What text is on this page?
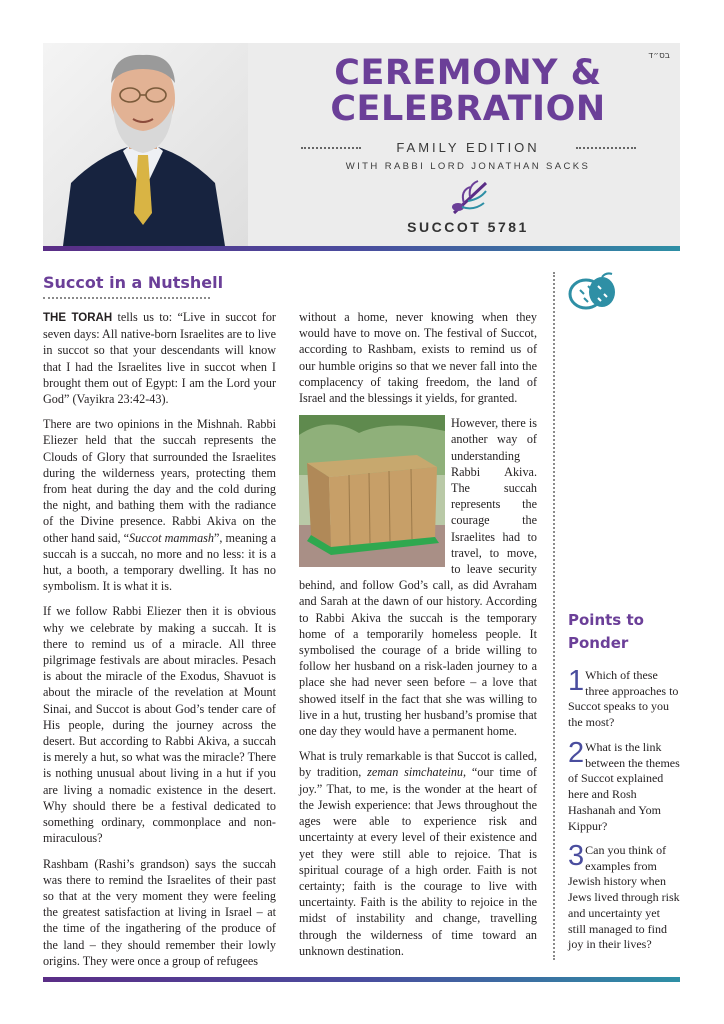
בס״ד
CEREMONY &
CELEBRATION
FAMILY EDITION
WITH RABBI LORD JONATHAN SACKS
SUCCOT 5781
Succot in a Nutshell

THE TORAH tells us to: “Live in succot for seven days: All native-born Israelites are to live in succot so that your descendants will know that I had the Israelites live in succot when I brought them out of Egypt: I am the Lord your God” (Vayikra 23:42-43).

There are two opinions in the Mishnah. Rabbi Eliezer held that the succah represents the Clouds of Glory that surrounded the Israelites during the wilderness years, protecting them from heat during the day and the cold during the night, and bathing them with the radiance of the Divine presence. Rabbi Akiva on the other hand said, “Succot mammash”, meaning a succah is a succah, no more and no less: it is a hut, a booth, a temporary dwelling. It has no symbolism. It is what it is.

If we follow Rabbi Eliezer then it is obvious why we celebrate by making a succah. It is there to remind us of a miracle. All three pilgrimage festivals are about miracles. Pesach is about the miracle of the Exodus, Shavuot is about the miracle of the revelation at Mount Sinai, and Succot is about God’s tender care of His people, during the journey across the desert. But according to Rabbi Akiva, a succah is merely a hut, so what was the miracle? There is nothing unusual about living in a hut if you are living a nomadic existence in the desert. Why should there be a festival dedicated to something ordinary, commonplace and non-miraculous?

Rashbam (Rashi’s grandson) says the succah was there to remind the Israelites of their past so that at the very moment they were feeling the greatest satisfaction at living in Israel – at the time of the ingathering of the produce of the land – they should remember their lowly origins. They were once a group of refugees

without a home, never knowing when they would have to move on. The festival of Succot, according to Rashbam, exists to remind us of our humble origins so that we never fall into the complacency of taking freedom, the land of Israel and the blessings it yields, for granted.

However, there is another way of understanding Rabbi Akiva. The succah represents the courage the Israelites had to travel, to move, to leave security behind, and follow God’s call, as did Avraham and Sarah at the dawn of our history. According to Rabbi Akiva the succah is the temporary home of a temporarily homeless people. It symbolised the courage of a bride willing to follow her husband on a risk-laden journey to a place she had never seen before – a love that showed itself in the fact that she was willing to live in a hut, trusting her husband’s promise that one day they would have a permanent home.

What is truly remarkable is that Succot is called, by tradition, zeman simchateinu, “our time of joy.” That, to me, is the wonder at the heart of the Jewish experience: that Jews throughout the ages were able to experience risk and uncertainty at every level of their existence and yet they were still able to rejoice. That is spiritual courage of a high order. Faith is not certainty; faith is the courage to live with uncertainty. Faith is the ability to rejoice in the midst of instability and change, travelling through the wilderness of time toward an unknown destination.

Points to
Ponder
1 Which of these three approaches to Succot speaks to you the most?
2 What is the link between the themes of Succot explained here and Rosh Hashanah and Yom Kippur?
3 Can you think of examples from Jewish history when Jews lived through risk and uncertainty yet still managed to find joy in their lives?
